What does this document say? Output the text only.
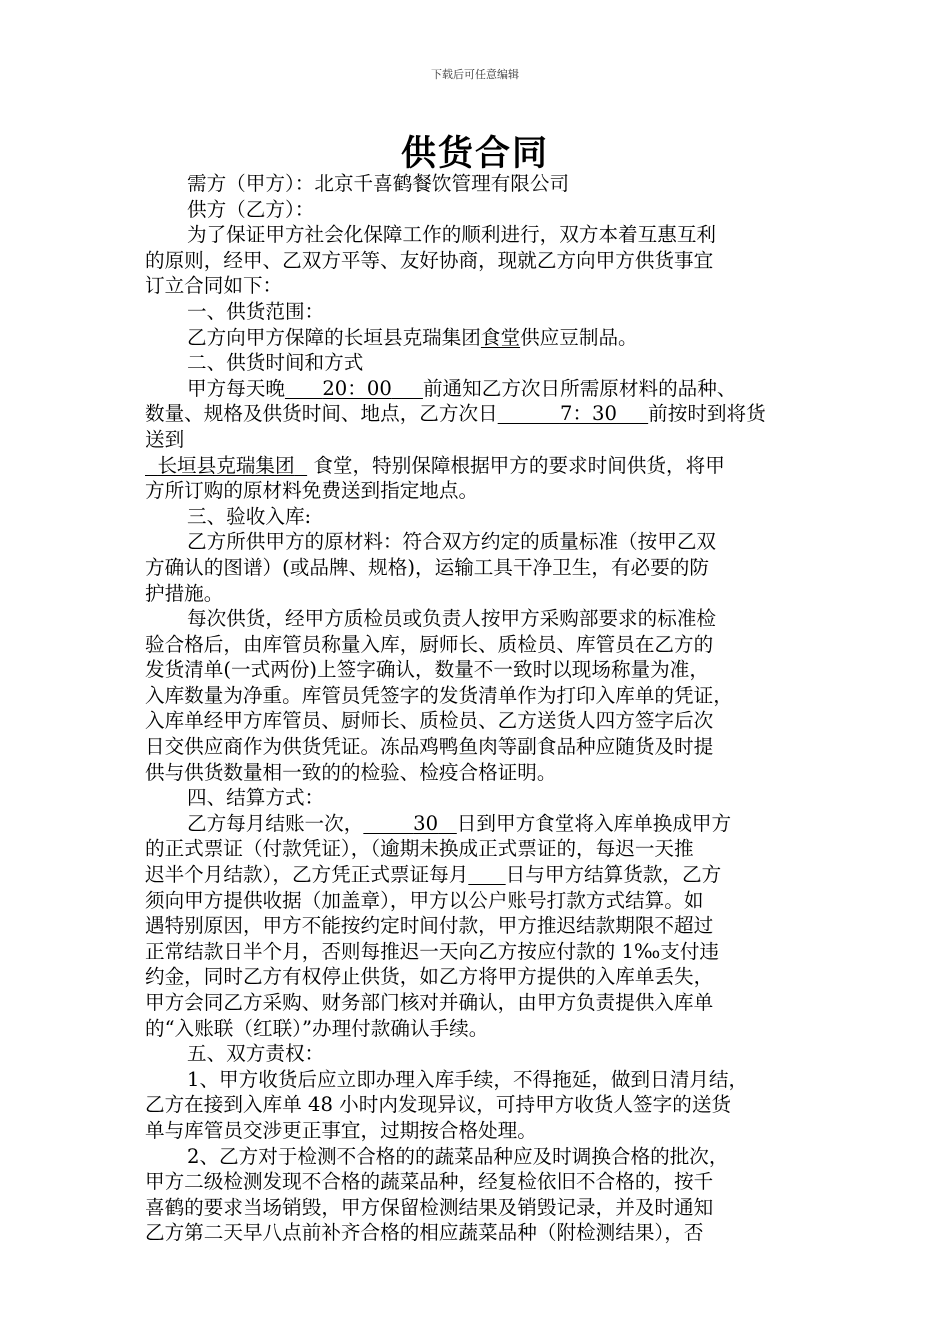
下载后可任意编辑
供货合同
需方（甲方）：北京千喜鹤餐饮管理有限公司
供方（乙方）：
为了保证甲方社会化保障工作的顺利进行，双方本着互惠互利
的原则，经甲、乙双方平等、友好协商，现就乙方向甲方供货事宜
订立合同如下：
一、供货范围：
乙方向甲方保障的长垣县克瑞集团食堂供应豆制品。
二、供货时间和方式
甲方每天晚 20：00 前通知乙方次日所需原材料的品种、
数量、规格及供货时间、地点，乙方次日	7：30 前按时到将货
送到
长垣县克瑞集团 食堂，特别保障根据甲方的要求时间供货，将甲
方所订购的原材料免费送到指定地点。
三、验收入库:
乙方所供甲方的原材料：符合双方约定的质量标准（按甲乙双
方确认的图谱）(或品牌、规格)，运输工具干净卫生，有必要的防
护措施。
每次供货，经甲方质检员或负责人按甲方采购部要求的标准检
验合格后，由库管员称量入库，厨师长、质检员、库管员在乙方的
发货清单(一式两份)上签字确认，数量不一致时以现场称量为准，
入库数量为净重。库管员凭签字的发货清单作为打印入库单的凭证，
入库单经甲方库管员、厨师长、质检员、乙方送货人四方签字后次
日交供应商作为供货凭证。冻品鸡鸭鱼肉等副食品种应随货及时提
供与供货数量相一致的的检验、检疫合格证明。
四、结算方式：
乙方每月结账一次，	30 日到甲方食堂将入库单换成甲方
的正式票证（付款凭证），（逾期未换成正式票证的，每迟一天推
迟半个月结款），乙方凭正式票证每月 日与甲方结算货款，乙方
须向甲方提供收据（加盖章），甲方以公户账号打款方式结算。如
遇特别原因，甲方不能按约定时间付款，甲方推迟结款期限不超过
正常结款日半个月，否则每推迟一天向乙方按应付款的 1‰支付违
约金，同时乙方有权停止供货，如乙方将甲方提供的入库单丢失，
甲方会同乙方采购、财务部门核对并确认，由甲方负责提供入库单
的“入账联（红联）”办理付款确认手续。
五、双方责权：
1、甲方收货后应立即办理入库手续，不得拖延，做到日清月结，
乙方在接到入库单 48 小时内发现异议，可持甲方收货人签字的送货
单与库管员交涉更正事宜，过期按合格处理。
2、乙方对于检测不合格的的蔬菜品种应及时调换合格的批次，
甲方二级检测发现不合格的蔬菜品种，经复检依旧不合格的，按千
喜鹤的要求当场销毁，甲方保留检测结果及销毁记录，并及时通知
乙方第二天早八点前补齐合格的相应蔬菜品种（附检测结果），否
